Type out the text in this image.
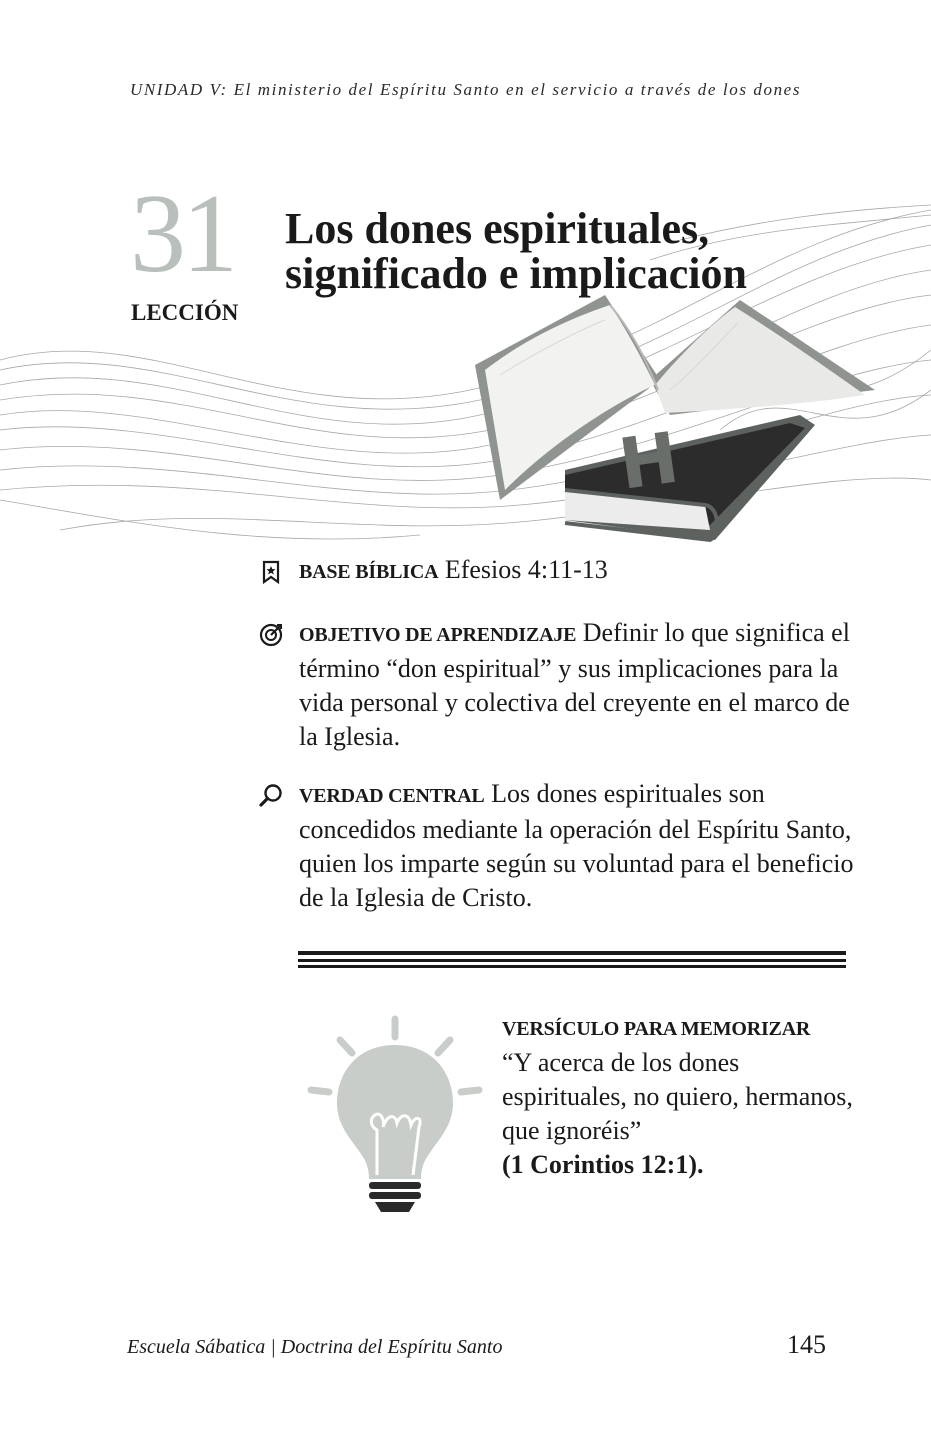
UNIDAD V: El ministerio del Espíritu Santo en el servicio a través de los dones
31
LECCIÓN
Los dones espirituales,
significado e implicación
H
BASE BÍBLICA Efesios 4:11-13
OBJETIVO DE APRENDIZAJE Definir lo que significa el término “don espiritual” y sus implicaciones para la vida personal y colectiva del creyente en el marco de la Iglesia.
VERDAD CENTRAL Los dones espirituales son concedidos mediante la operación del Espíritu Santo, quien los imparte según su voluntad para el beneficio de la Iglesia de Cristo.
VERSÍCULO PARA MEMORIZAR
“Y acerca de los dones espirituales, no quiero, hermanos, que ignoréis”
(1 Corintios 12:1).
Escuela Sábatica | Doctrina del Espíritu Santo	145
